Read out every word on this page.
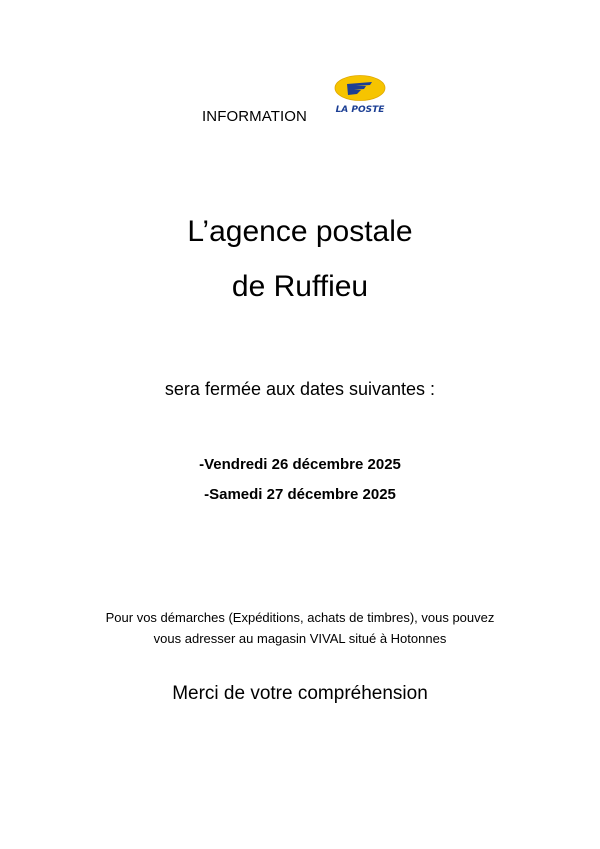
INFORMATION	LA POSTE
L’agence postale
de Ruffieu
sera fermée aux dates suivantes :
-Vendredi 26 décembre 2025
-Samedi 27 décembre 2025
Pour vos démarches (Expéditions, achats de timbres), vous pouvez
vous adresser au magasin VIVAL situé à Hotonnes
Merci de votre compréhension
